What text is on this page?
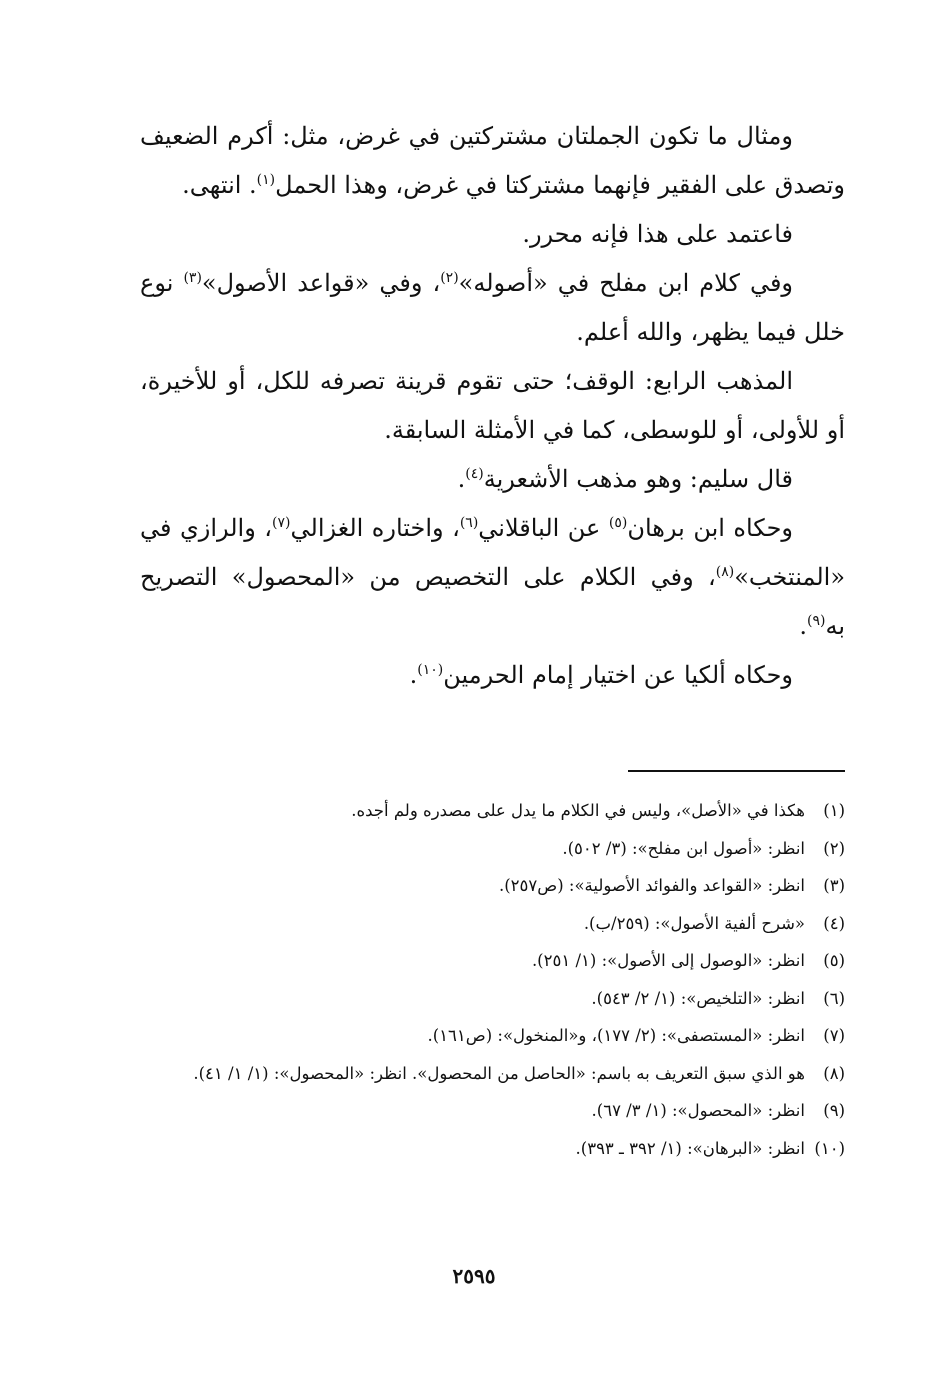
ومثال ما تكون الجملتان مشتركتين في غرض، مثل: أكرم الضعيف وتصدق على الفقير فإنهما مشتركتا في غرض، وهذا الحمل$^{(١)}$. انتهى.

فاعتمد على هذا فإنه محرر.

وفي كلام ابن مفلح في «أصوله»$^{(٢)}$، وفي «قواعد الأصول»$^{(٣)}$ نوع خلل فيما يظهر، والله أعلم.

المذهب الرابع: الوقف؛ حتى تقوم قرينة تصرفه للكل، أو للأخيرة، أو للأولى، أو للوسطى، كما في الأمثلة السابقة.

قال سليم: وهو مذهب الأشعرية$^{(٤)}$.

وحكاه ابن برهان$^{(٥)}$ عن الباقلاني$^{(٦)}$، واختاره الغزالي$^{(٧)}$، والرازي في «المنتخب»$^{(٨)}$، وفي الكلام على التخصيص من «المحصول» التصريح به$^{(٩)}$.

وحكاه ألكيا عن اختيار إمام الحرمين$^{(١٠)}$.

(١)
هكذا في «الأصل»، وليس في الكلام ما يدل على مصدره ولم أجده.
(٢)
انظر: «أصول ابن مفلح»: (٣/ ٥٠٢).
(٣)
انظر: «القواعد والفوائد الأصولية»: (ص٢٥٧).
(٤)
«شرح ألفية الأصول»: (٢٥٩/ب).
(٥)
انظر: «الوصول إلى الأصول»: (١/ ٢٥١).
(٦)
انظر: «التلخيص»: (١/ ٢/ ٥٤٣).
(٧)
انظر: «المستصفى»: (٢/ ١٧٧)، و«المنخول»: (ص١٦١).
(٨)
هو الذي سبق التعريف به باسم: «الحاصل من المحصول». انظر: «المحصول»: (١/ ١/ ٤١).
(٩)
انظر: «المحصول»: (١/ ٣/ ٦٧).
(١٠)
انظر: «البرهان»: (١/ ٣٩٢ ـ ٣٩٣).
٢٥٩٥
